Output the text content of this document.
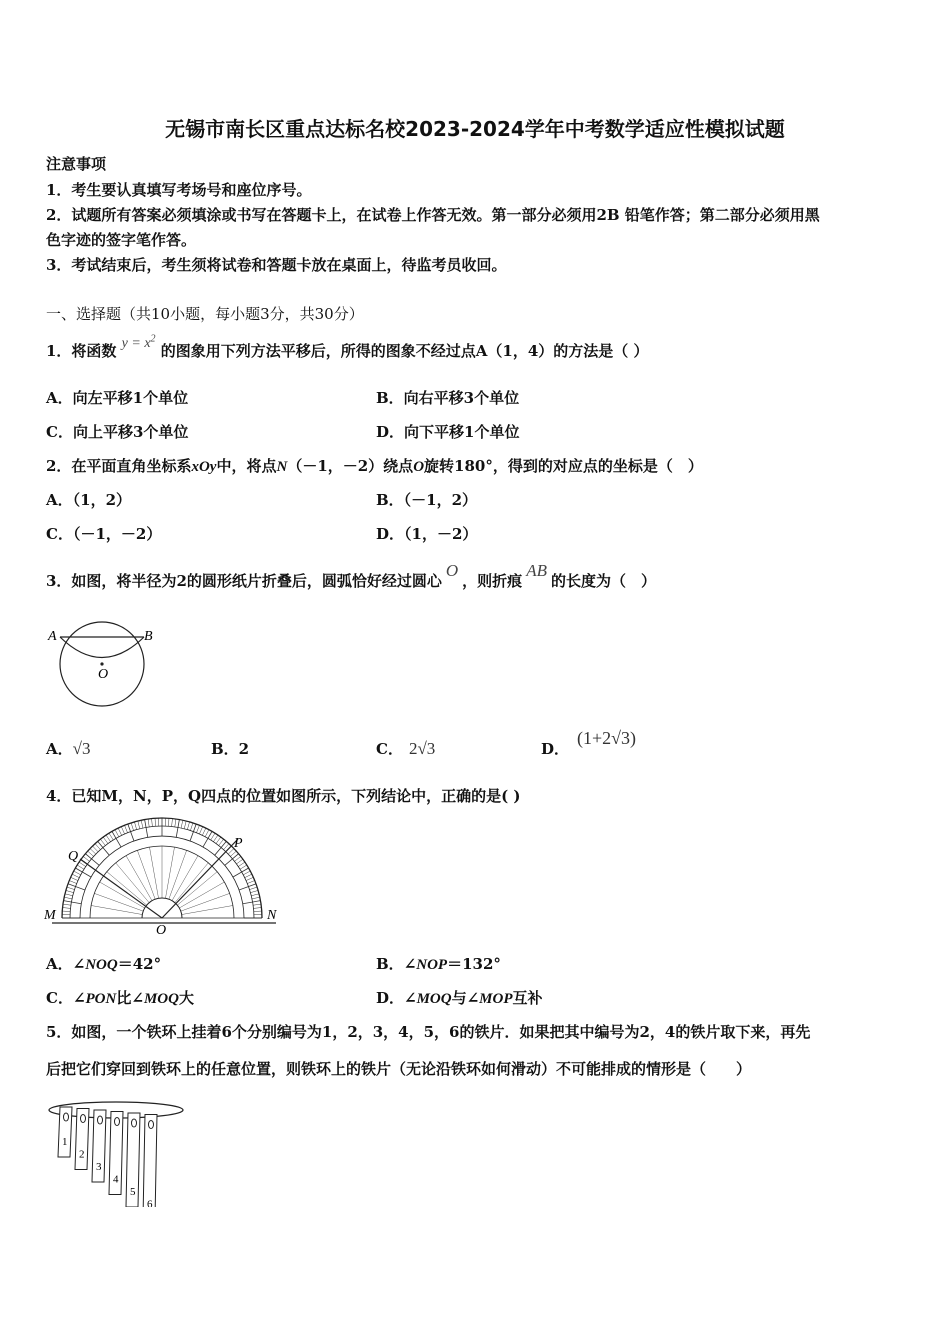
无锡市南长区重点达标名校2023-2024学年中考数学适应性模拟试题
注意事项
1．考生要认真填写考场号和座位序号。
2．试题所有答案必须填涂或书写在答题卡上，在试卷上作答无效。第一部分必须用2B 铅笔作答；第二部分必须用黑
色字迹的签字笔作答。
3．考试结束后，考生须将试卷和答题卡放在桌面上，待监考员收回。
一、选择题（共10小题，每小题3分，共30分）
1．将函数 $y = x^2$ 的图象用下列方法平移后，所得的图象不经过点A（1，4）的方法是（ ）
A．向左平移1个单位	B．向右平移3个单位
C．向上平移3个单位	D．向下平移1个单位
2．在平面直角坐标系xOy中，将点N（－1，－2）绕点O旋转180°，得到的对应点的坐标是（　）
A．（1，2）	B．（－1，2）
C．（－1，－2）	D．（1，－2）
3．如图，将半径为2的圆形纸片折叠后，圆弧恰好经过圆心O，则折痕AB的长度为（　）
A	B
O
A．√3	B．2	C． 2√3	D．(1+2√3)
4．已知M，N，P，Q四点的位置如图所示，下列结论中，正确的是( )
M	N
P
Q
O
A．∠NOQ＝42°	B．∠NOP＝132°
C．∠PON比∠MOQ大	D．∠MOQ与∠MOP互补
5．如图，一个铁环上挂着6个分别编号为1，2，3，4，5，6的铁片．如果把其中编号为2，4的铁片取下来，再先
后把它们穿回到铁环上的任意位置，则铁环上的铁片（无论沿铁环如何滑动）不可能排成的情形是（　　）
1
2
3
4
5
6
